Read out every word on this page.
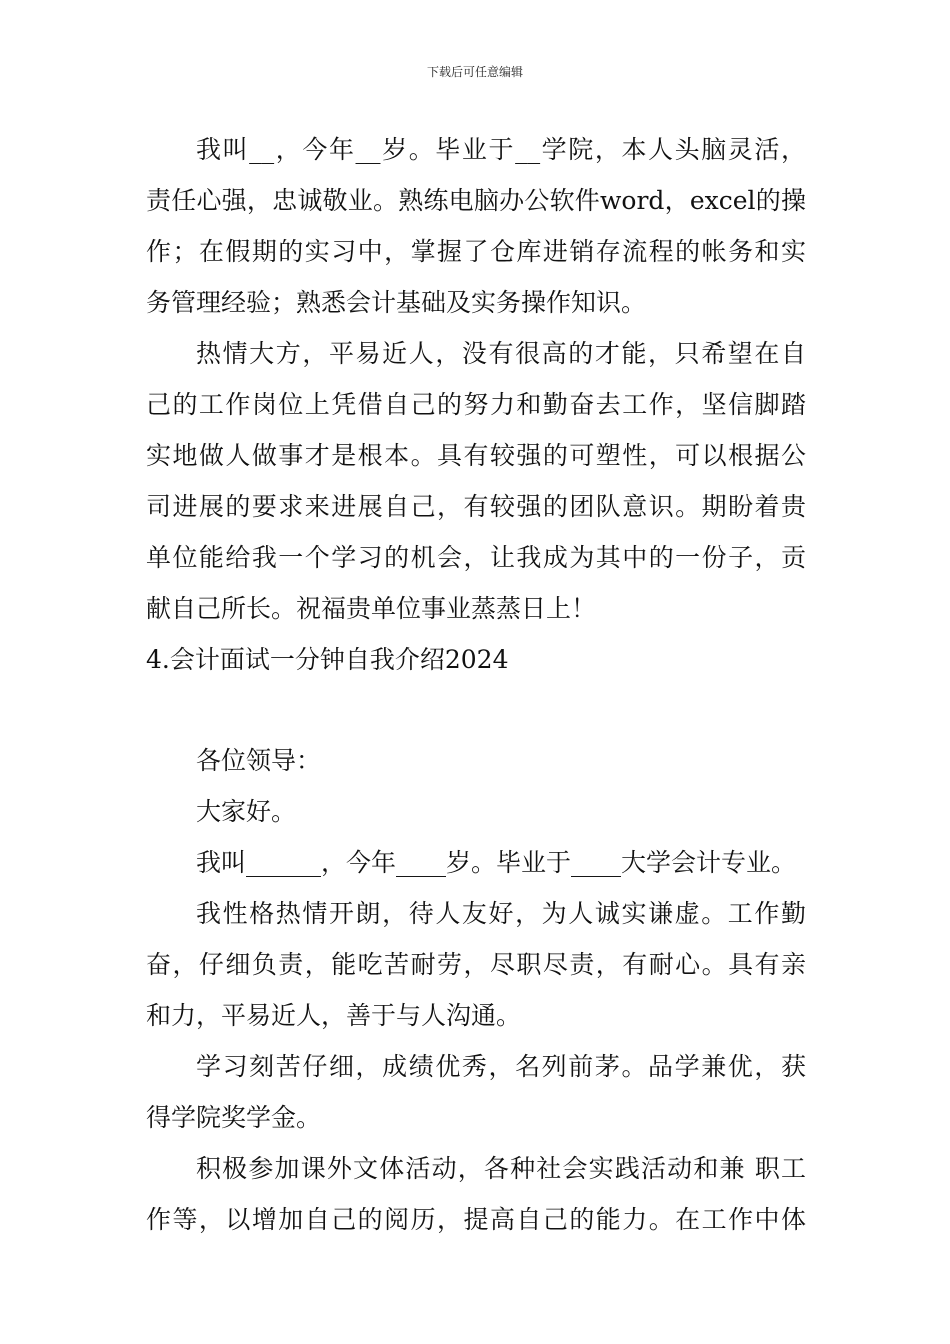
下载后可任意编辑
我叫__，今年__岁。毕业于__学院，本人头脑灵活，
责任心强，忠诚敬业。熟练电脑办公软件word，excel的操
作；在假期的实习中，掌握了仓库进销存流程的帐务和实
务管理经验；熟悉会计基础及实务操作知识。
热情大方，平易近人，没有很高的才能，只希望在自
己的工作岗位上凭借自己的努力和勤奋去工作，坚信脚踏
实地做人做事才是根本。具有较强的可塑性，可以根据公
司进展的要求来进展自己，有较强的团队意识。期盼着贵
单位能给我一个学习的机会，让我成为其中的一份子，贡
献自己所长。祝福贵单位事业蒸蒸日上！
4.会计面试一分钟自我介绍2024
各位领导：
大家好。
我叫______，今年____岁。毕业于____大学会计专业。
我性格热情开朗，待人友好，为人诚实谦虚。工作勤
奋，仔细负责，能吃苦耐劳，尽职尽责，有耐心。具有亲
和力，平易近人，善于与人沟通。
学习刻苦仔细，成绩优秀，名列前茅。品学兼优，获
得学院奖学金。
积极参加课外文体活动，各种社会实践活动和兼 职工
作等，以增加自己的阅历，提高自己的能力。在工作中体
